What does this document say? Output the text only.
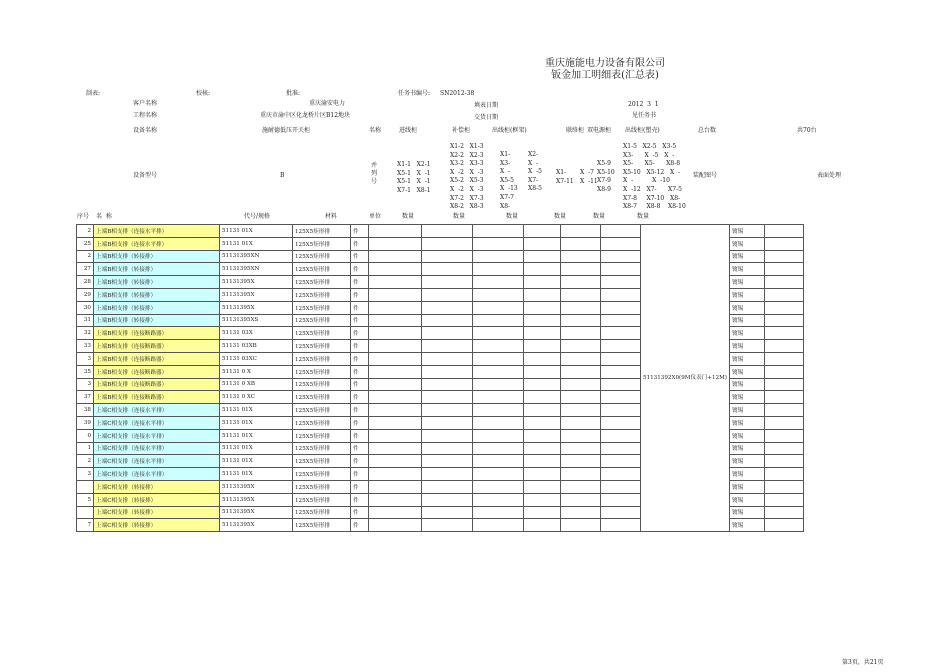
重庆施能电力设备有限公司
钣金加工明细表(汇总表)
制表:	校核:	批准:	任务书编号: SN2012-38
客户名称	重庆渝安电力	填表日期	2012  3  1
工程名称	重庆市渝中区化龙桥片区B12地块	交货日期	见任务书
设备名称	施耐德低压开关柜	名称	进线柜	补偿柜	出线柜(框架)	联络柜 双电源柜 出线柜(塑壳)	总台数	共70台
设备型号	B
并列号
X1-1   X2-1
X5-1   X  -1
X5-1   X  -1
X7-1   X8-1
X1-2   X1-3
X2-2   X2-3
X3-2   X3-3
X  -2   X  -3
X5-2   X5-3
X  -2   X  -3
X7-2   X7-3
X8-2   X8-3
X1-
X3-
X  -
X5-5
X  -13
X7-7
X8-
X2-
X  -
X  -5
X7-
X8-5
X1-
X7-11
X  -7
X  -11
X5-9
X5-10
X7-9
X8-9
X1-5   X2-5   X3-5
X3-      X  -5   X  -
X5-      X5-      X8-8
X5-10   X5-12   X  -
X  -          X  -10
X  -12   X7-      X7-5
X7-8     X7-10   X8-
X8-7     X8-8    X8-10
装配图号	表面处理
序号 名  称	代号/规格	材料	单位	数量	数量	数量	数量	数量	数量
2	上端B相支排（连接水平排）	51131 01X	125X5矩形排	件							51131392X0(9M仪表门+12M)	镀锡	
25	上端B相支排（连接水平排）	51131 01X	125X5矩形排	件								镀锡	
2	上端B相支排（转接排）	51131395XN	125X5矩形排	件								镀锡	
27	上端B相支排（转接排）	51131395XN	125X5矩形排	件								镀锡	
28	上端B相支排（转接排）	51131395X	125X5矩形排	件								镀锡	
29	上端B相支排（转接排）	51131395X	125X5矩形排	件								镀锡	
30	上端B相支排（转接排）	51131395X	125X5矩形排	件								镀锡	
31	上端B相支排（转接排）	51131395XS	125X5矩形排	件								镀锡	
32	上端B相支排（连接断路器）	51131 03X	125X5矩形排	件								镀锡	
33	上端B相支排（连接断路器）	51131 03XB	125X5矩形排	件								镀锡	
3	上端B相支排（连接断路器）	51131 03XC	125X5矩形排	件								镀锡	
35	上端B相支排（连接断路器）	51131 0 X	125X5矩形排	件								镀锡	
3	上端B相支排（连接断路器）	51131 0 XB	125X5矩形排	件								镀锡	
37	上端B相支排（连接断路器）	51131 0 XC	125X5矩形排	件								镀锡	
38	上端C相支排（连接水平排）	51131 01X	125X5矩形排	件								镀锡	
39	上端C相支排（连接水平排）	51131 01X	125X5矩形排	件								镀锡	
0	上端C相支排（连接水平排）	51131 01X	125X5矩形排	件								镀锡	
1	上端C相支排（连接水平排）	51131 01X	125X5矩形排	件								镀锡	
2	上端C相支排（连接水平排）	51131 01X	125X5矩形排	件								镀锡	
3	上端C相支排（连接水平排）	51131 01X	125X5矩形排	件								镀锡	
	上端C相支排（转接排）	51131395X	125X5矩形排	件								镀锡	
5	上端C相支排（转接排）	51131395X	125X5矩形排	件								镀锡	
	上端C相支排（转接排）	51131395X	125X5矩形排	件								镀锡	
7	上端C相支排（转接排）	51131395X	125X5矩形排	件								镀锡	
第3页，共21页
